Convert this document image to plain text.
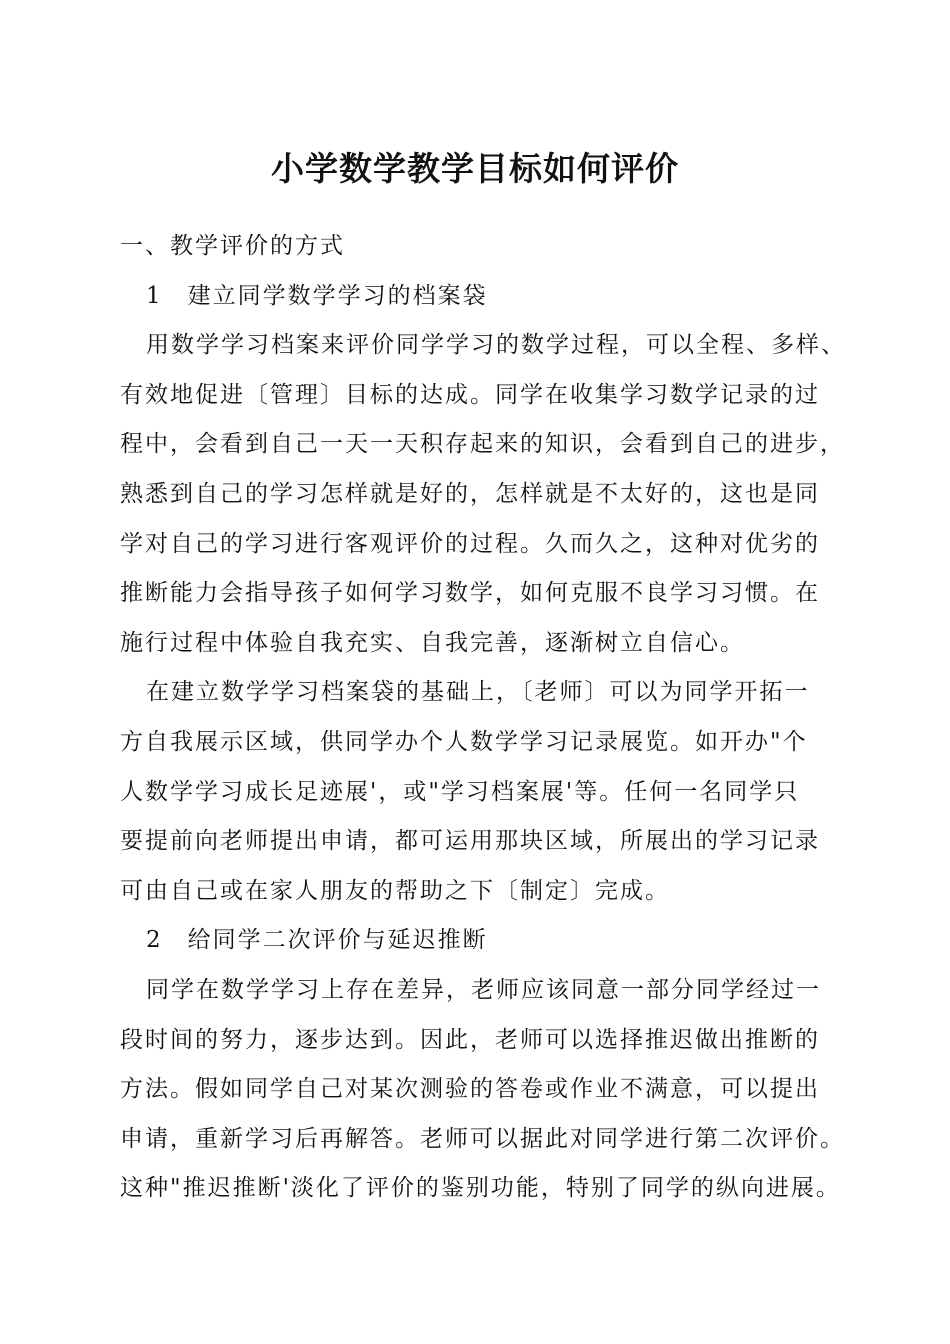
小学数学教学目标如何评价
一、教学评价的方式
1　建立同学数学学习的档案袋
用数学学习档案来评价同学学习的数学过程，可以全程、多样、
有效地促进〔管理〕目标的达成。同学在收集学习数学记录的过
程中，会看到自己一天一天积存起来的知识，会看到自己的进步，
熟悉到自己的学习怎样就是好的，怎样就是不太好的，这也是同
学对自己的学习进行客观评价的过程。久而久之，这种对优劣的
推断能力会指导孩子如何学习数学，如何克服不良学习习惯。在
施行过程中体验自我充实、自我完善，逐渐树立自信心。
在建立数学学习档案袋的基础上，〔老师〕可以为同学开拓一
方自我展示区域，供同学办个人数学学习记录展览。如开办"个
人数学学习成长足迹展'，或"学习档案展'等。任何一名同学只
要提前向老师提出申请，都可运用那块区域，所展出的学习记录
可由自己或在家人朋友的帮助之下〔制定〕完成。
2　给同学二次评价与延迟推断
同学在数学学习上存在差异，老师应该同意一部分同学经过一
段时间的努力，逐步达到。因此，老师可以选择推迟做出推断的
方法。假如同学自己对某次测验的答卷或作业不满意，可以提出
申请，重新学习后再解答。老师可以据此对同学进行第二次评价。
这种"推迟推断'淡化了评价的鉴别功能，特别了同学的纵向进展。
